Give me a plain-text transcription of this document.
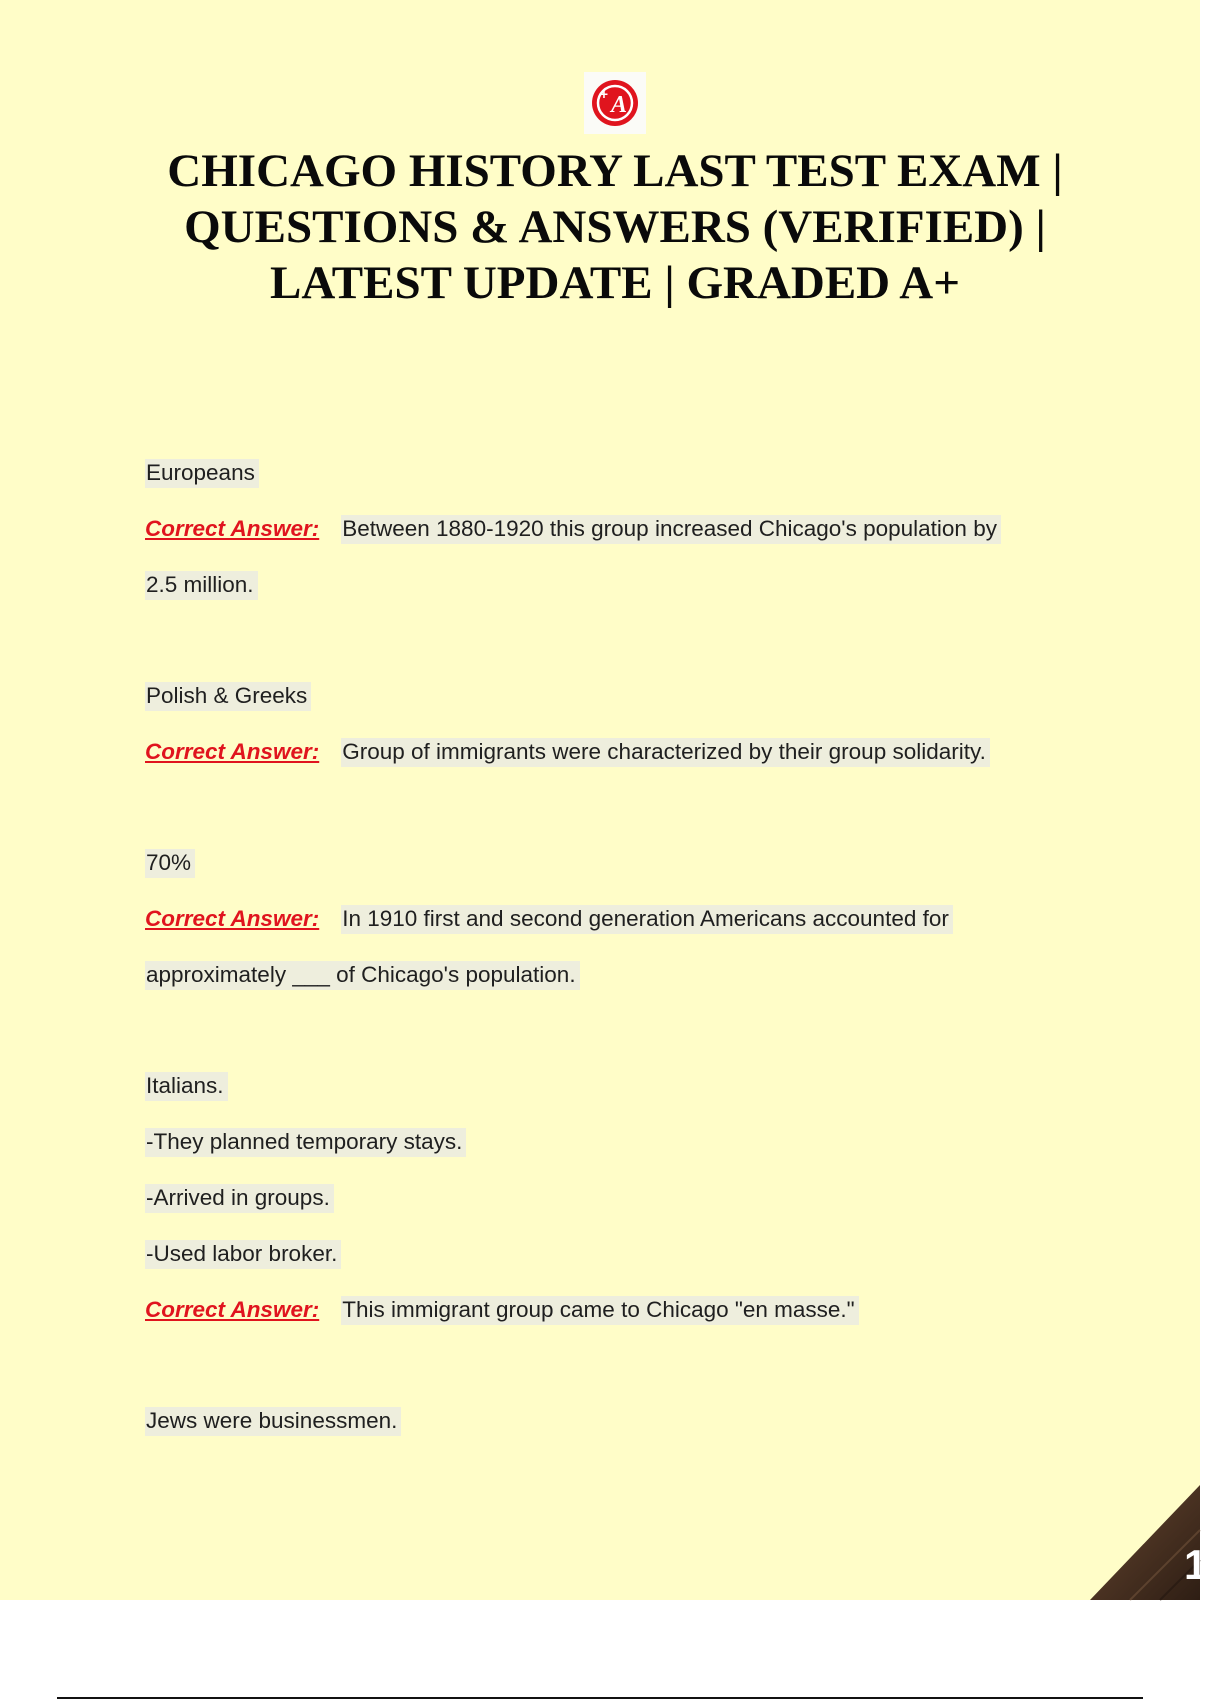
A
+
CHICAGO HISTORY LAST TEST EXAM |
QUESTIONS & ANSWERS (VERIFIED) |
LATEST UPDATE | GRADED A+
Europeans
Correct Answer: Between 1880-1920 this group increased Chicago's population by
2.5 million.
Polish & Greeks
Correct Answer: Group of immigrants were characterized by their group solidarity.
70%
Correct Answer: In 1910 first and second generation Americans accounted for
approximately ___ of Chicago's population.
Italians.
-They planned temporary stays.
-Arrived in groups.
-Used labor broker.
Correct Answer: This immigrant group came to Chicago "en masse."
Jews were businessmen.
1
